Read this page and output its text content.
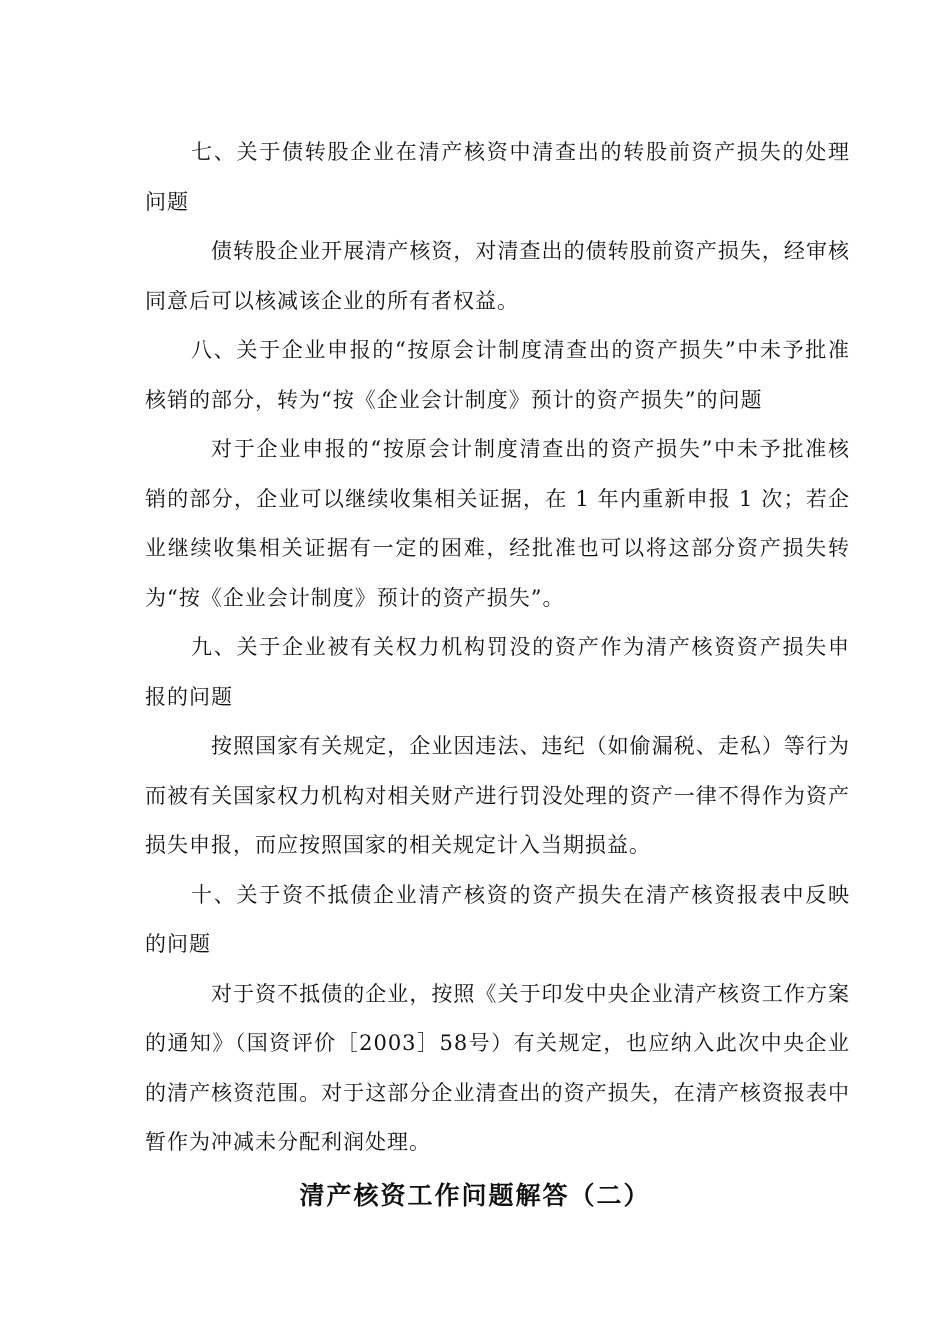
七、关于债转股企业在清产核资中清查出的转股前资产损失的处理问题

债转股企业开展清产核资，对清查出的债转股前资产损失，经审核同意后可以核减该企业的所有者权益。

八、关于企业申报的“按原会计制度清查出的资产损失”中未予批准核销的部分，转为“按《企业会计制度》预计的资产损失”的问题

对于企业申报的“按原会计制度清查出的资产损失”中未予批准核销的部分，企业可以继续收集相关证据，在 1 年内重新申报 1 次；若企业继续收集相关证据有一定的困难，经批准也可以将这部分资产损失转为“按《企业会计制度》预计的资产损失”。

九、关于企业被有关权力机构罚没的资产作为清产核资资产损失申报的问题

按照国家有关规定，企业因违法、违纪（如偷漏税、走私）等行为而被有关国家权力机构对相关财产进行罚没处理的资产一律不得作为资产损失申报，而应按照国家的相关规定计入当期损益。

十、关于资不抵债企业清产核资的资产损失在清产核资报表中反映的问题

对于资不抵债的企业，按照《关于印发中央企业清产核资工作方案的通知》（国资评价［2003］58号）有关规定，也应纳入此次中央企业的清产核资范围。对于这部分企业清查出的资产损失，在清产核资报表中暂作为冲减未分配利润处理。

清产核资工作问题解答（二）
